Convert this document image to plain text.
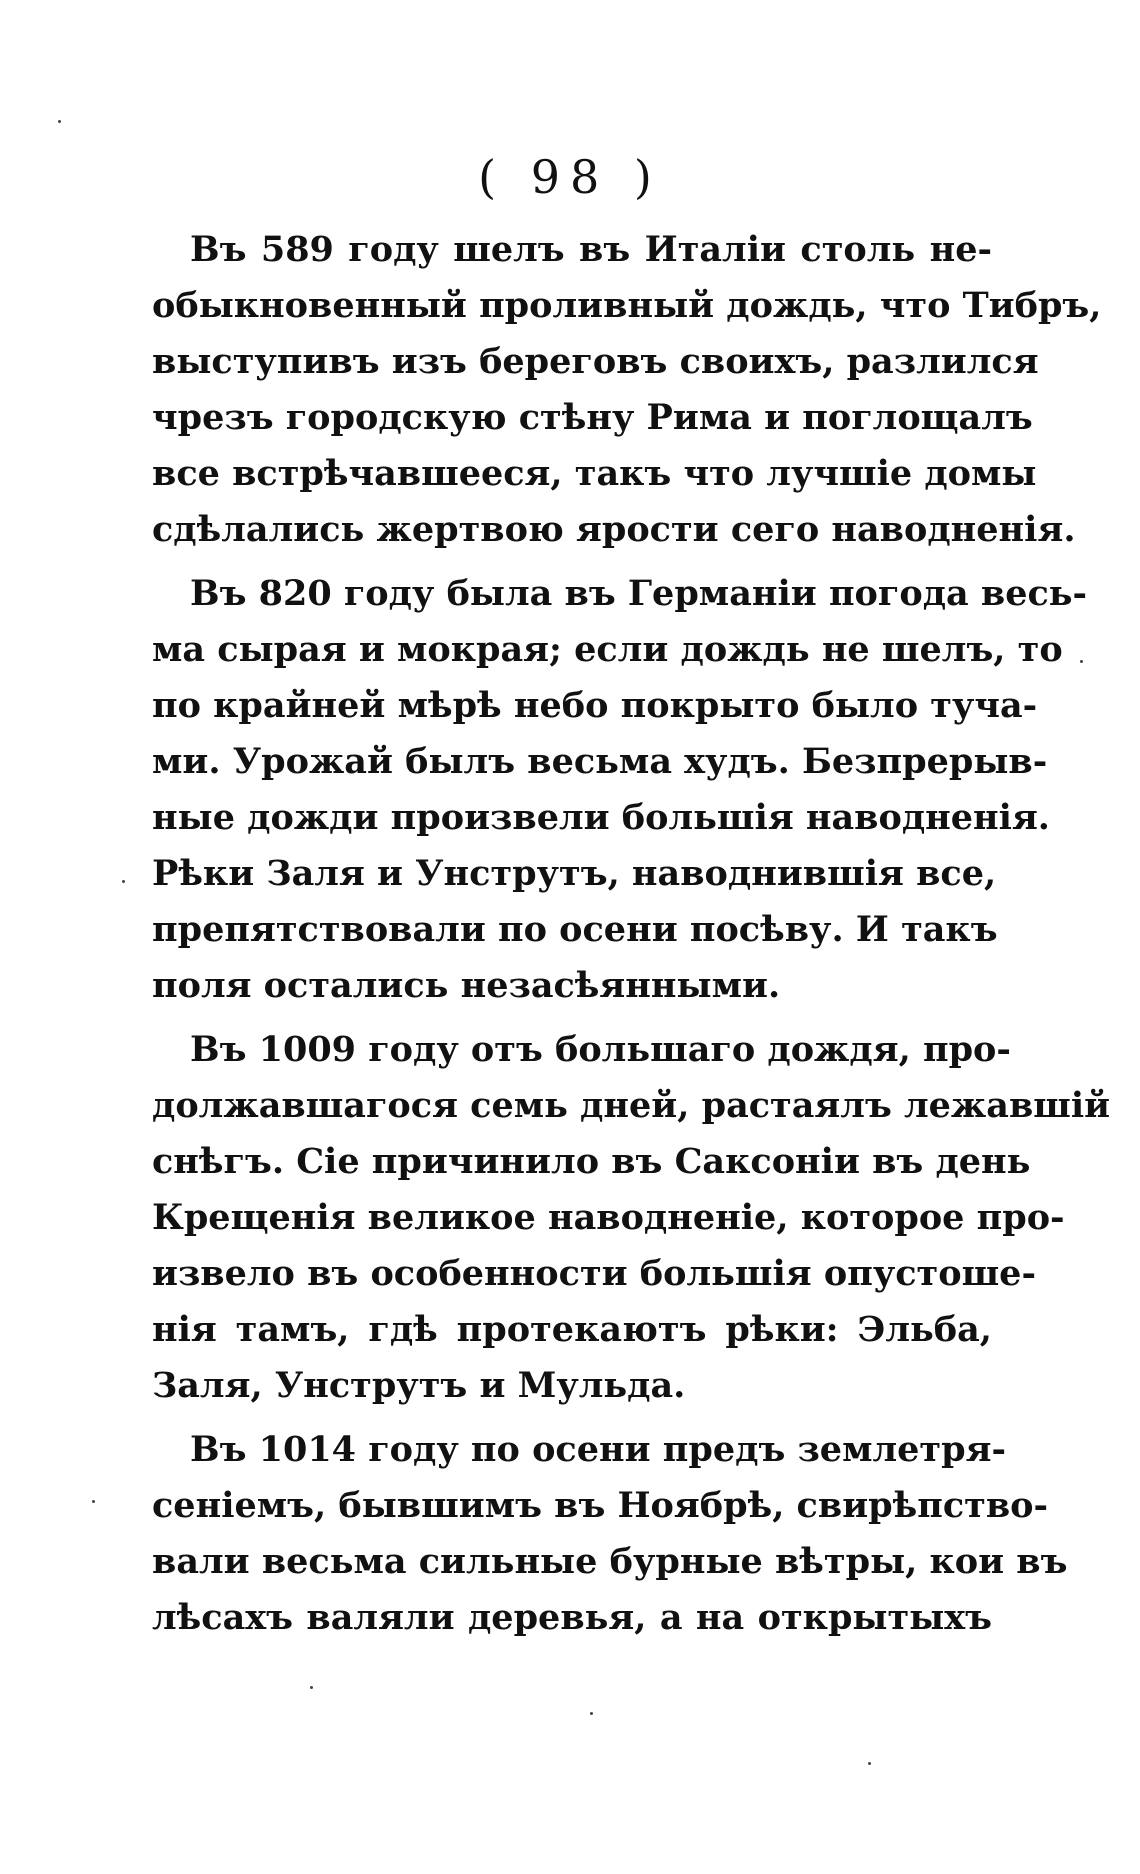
( 98 )
Въ 589 году шелъ въ Италіи столь не-
обыкновенный проливный дождь, что Тибръ,
выступивъ изъ береговъ своихъ, разлился
чрезъ городскую стѣну Рима и поглощалъ
все встрѣчавшееся, такъ что лучшіе домы
сдѣлались жертвою ярости сего наводненія.
Въ 820 году была въ Германіи погода весь-
ма сырая и мокрая; если дождь не шелъ, то
по крайней мѣрѣ небо покрыто было туча-
ми. Урожай былъ весьма худъ. Безпрерыв-
ные дожди произвели большія наводненія.
Рѣки Заля и Унструтъ, наводнившія все,
препятствовали по осени посѣву. И такъ
поля остались незасѣянными.
Въ 1009 году отъ большаго дождя, про-
должавшагося семь дней, растаялъ лежавшій
снѣгъ. Сіе причинило въ Саксоніи въ день
Крещенія великое наводненіе, которое про-
извело въ особенности большія опустоше-
нія тамъ, гдѣ протекаютъ рѣки: Эльба,
Заля, Унструтъ и Мульда.
Въ 1014 году по осени предъ землетря-
сеніемъ, бывшимъ въ Ноябрѣ, свирѣпство-
вали весьма сильные бурные вѣтры, кои въ
лѣсахъ валяли деревья, а на открытыхъ
